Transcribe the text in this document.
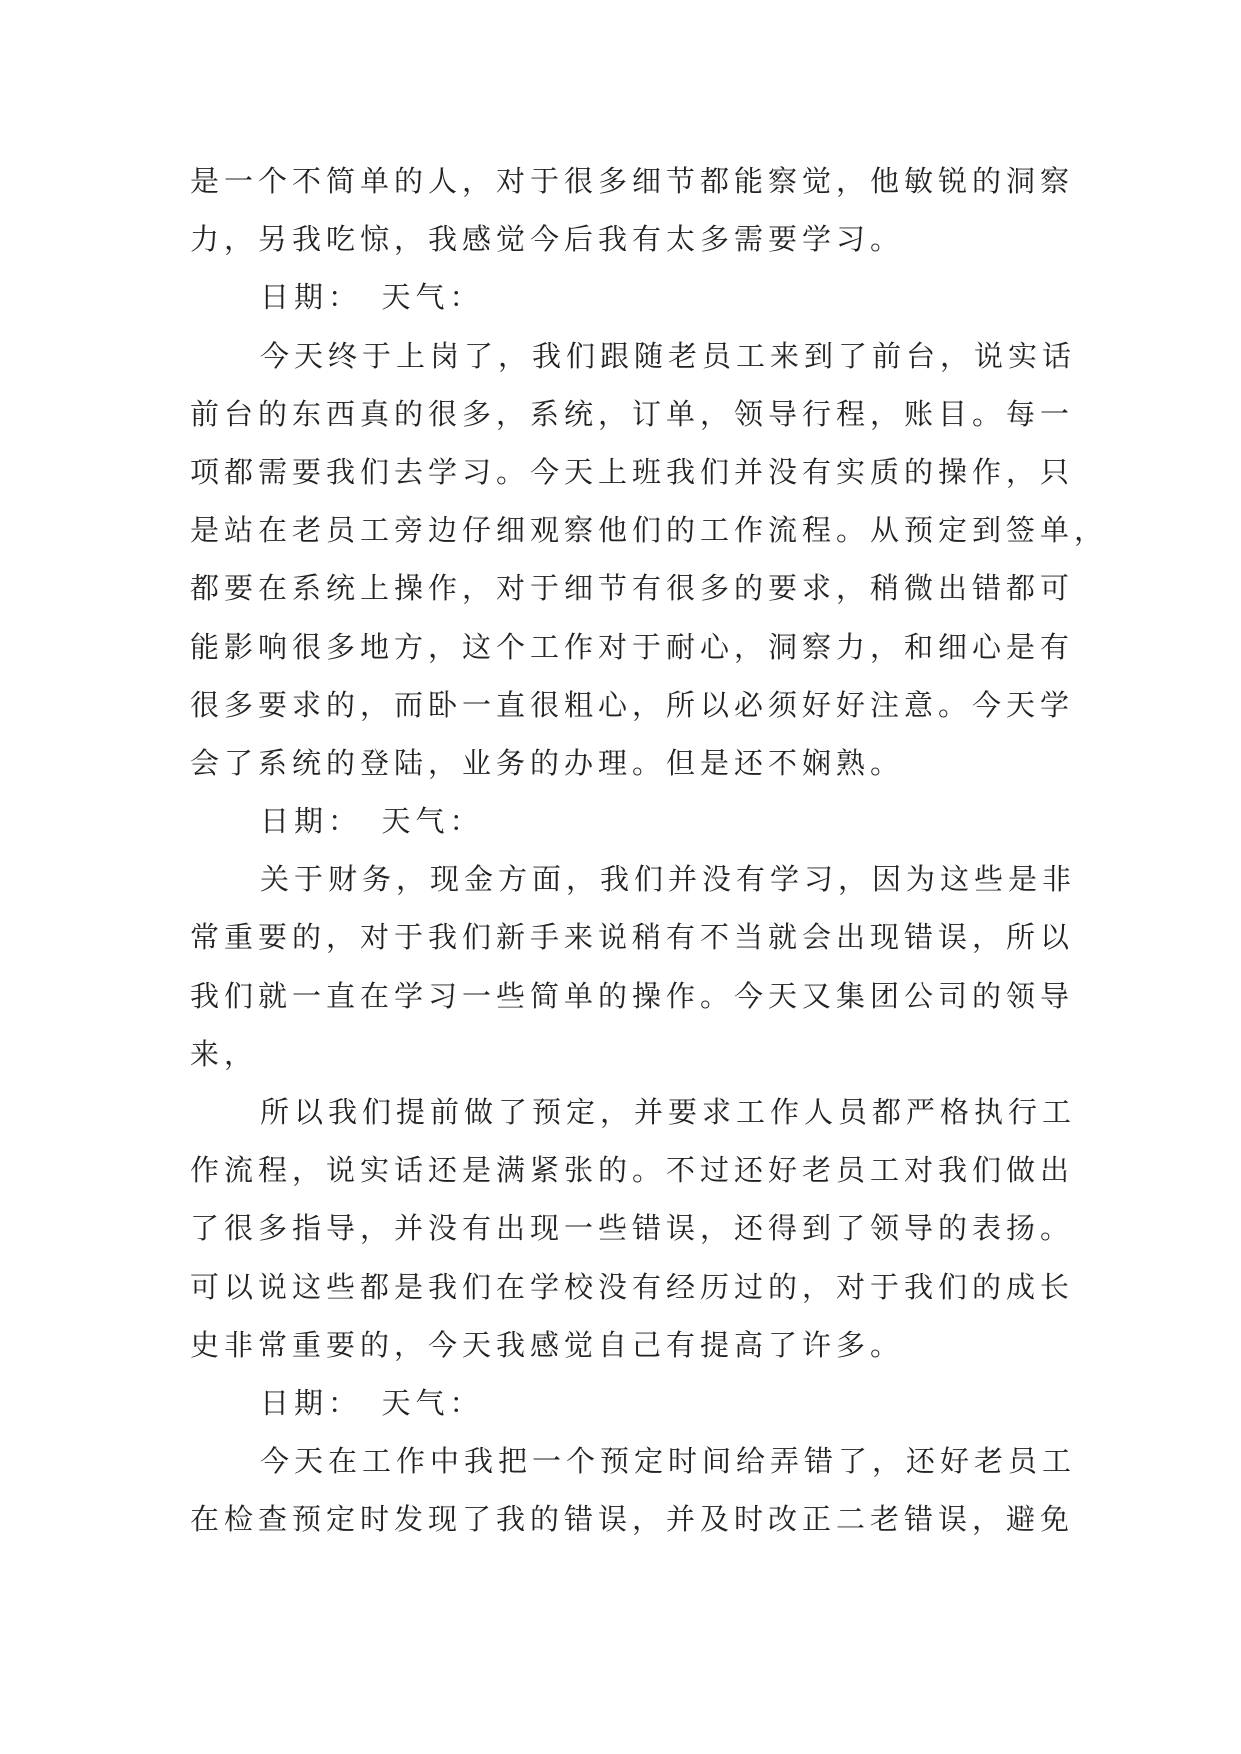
是一个不简单的人，对于很多细节都能察觉，他敏锐的洞察
力，另我吃惊，我感觉今后我有太多需要学习。
日期：　天气：
今天终于上岗了，我们跟随老员工来到了前台，说实话
前台的东西真的很多，系统，订单，领导行程，账目。每一
项都需要我们去学习。今天上班我们并没有实质的操作，只
是站在老员工旁边仔细观察他们的工作流程。从预定到签单，
都要在系统上操作，对于细节有很多的要求，稍微出错都可
能影响很多地方，这个工作对于耐心，洞察力，和细心是有
很多要求的，而卧一直很粗心，所以必须好好注意。今天学
会了系统的登陆，业务的办理。但是还不娴熟。
日期：　天气：
关于财务，现金方面，我们并没有学习，因为这些是非
常重要的，对于我们新手来说稍有不当就会出现错误，所以
我们就一直在学习一些简单的操作。今天又集团公司的领导
来，
所以我们提前做了预定，并要求工作人员都严格执行工
作流程，说实话还是满紧张的。不过还好老员工对我们做出
了很多指导，并没有出现一些错误，还得到了领导的表扬。
可以说这些都是我们在学校没有经历过的，对于我们的成长
史非常重要的，今天我感觉自己有提高了许多。
日期：　天气：
今天在工作中我把一个预定时间给弄错了，还好老员工
在检查预定时发现了我的错误，并及时改正二老错误，避免
